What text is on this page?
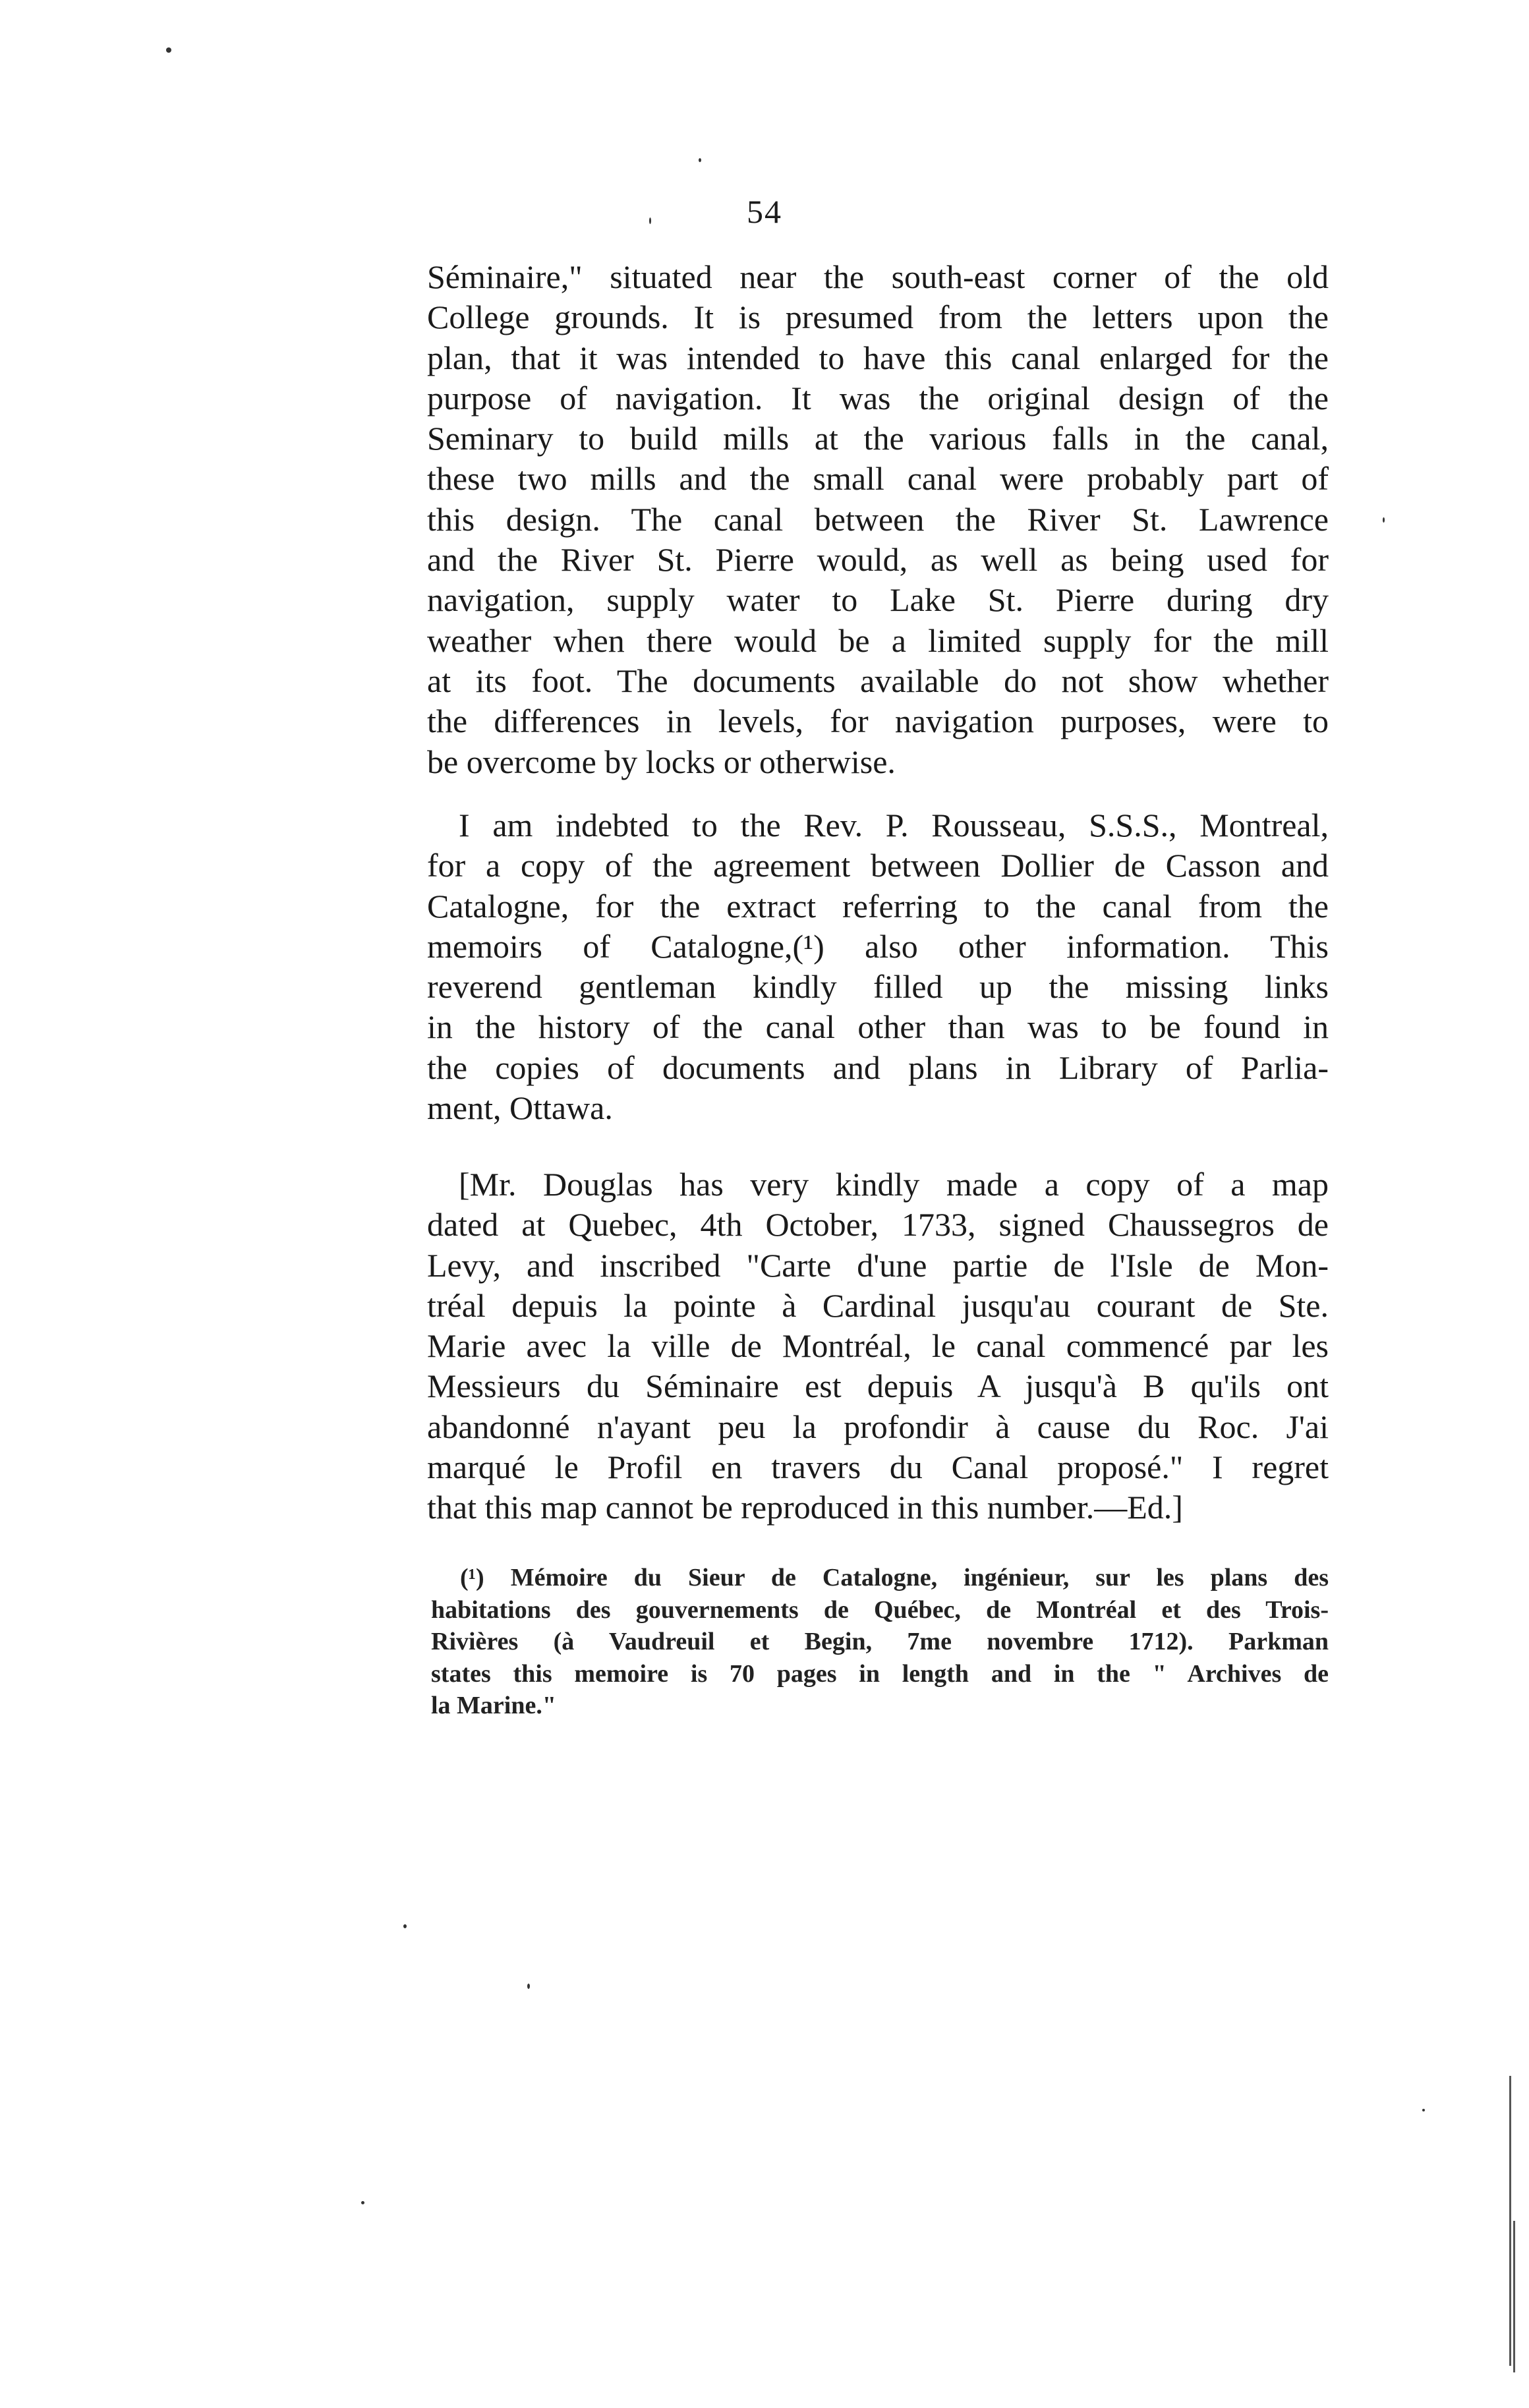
54
Séminaire," situated near the south-east corner of the old
College grounds. It is presumed from the letters upon the
plan, that it was intended to have this canal enlarged for the
purpose of navigation. It was the original design of the
Seminary to build mills at the various falls in the canal,
these two mills and the small canal were probably part of
this design. The canal between the River St. Lawrence
and the River St. Pierre would, as well as being used for
navigation, supply water to Lake St. Pierre during dry
weather when there would be a limited supply for the mill
at its foot. The documents available do not show whether
the differences in levels, for navigation purposes, were to
be overcome by locks or otherwise.
I am indebted to the Rev. P. Rousseau, S.S.S., Montreal,
for a copy of the agreement between Dollier de Casson and
Catalogne, for the extract referring to the canal from the
memoirs of Catalogne,(¹) also other information. This
reverend gentleman kindly filled up the missing links
in the history of the canal other than was to be found in
the copies of documents and plans in Library of Parlia-
ment, Ottawa.
[Mr. Douglas has very kindly made a copy of a map
dated at Quebec, 4th October, 1733, signed Chaussegros de
Levy, and inscribed "Carte d'une partie de l'Isle de Mon-
tréal depuis la pointe à Cardinal jusqu'au courant de Ste.
Marie avec la ville de Montréal, le canal commencé par les
Messieurs du Séminaire est depuis A jusqu'à B qu'ils ont
abandonné n'ayant peu la profondir à cause du Roc. J'ai
marqué le Profil en travers du Canal proposé." I regret
that this map cannot be reproduced in this number.—Ed.]
(¹) Mémoire du Sieur de Catalogne, ingénieur, sur les plans des
habitations des gouvernements de Québec, de Montréal et des Trois-
Rivières (à Vaudreuil et Begin, 7me novembre 1712). Parkman
states this memoire is 70 pages in length and in the " Archives de
la Marine."
